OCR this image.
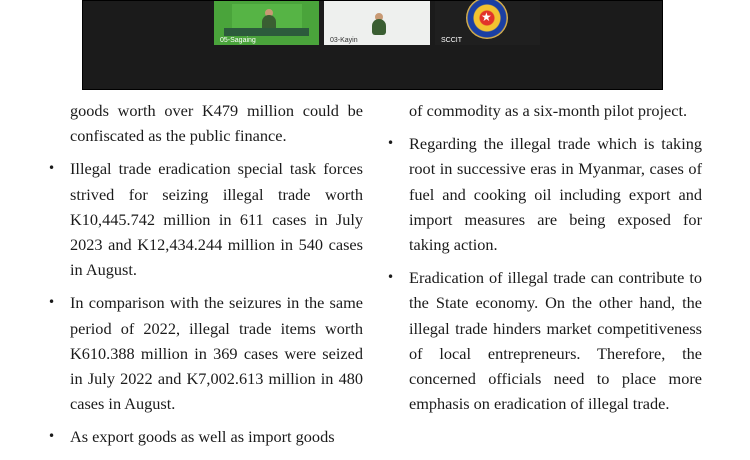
05-Sagaing	03-Kayin	SCCIT
★
goods worth over K479 million could be confiscated as the public finance.
• Illegal trade eradication special task forces strived for seizing illegal trade worth K10,445.742 million in 611 cases in July 2023 and K12,434.244 million in 540 cases in August.
• In comparison with the seizures in the same period of 2022, illegal trade items worth K610.388 million in 369 cases were seized in July 2022 and K7,002.613 million in 480 cases in August.
• As export goods as well as import goods
of commodity as a six-month pilot project.
• Regarding the illegal trade which is taking root in successive eras in Myanmar, cases of fuel and cooking oil including export and import measures are being exposed for taking action.
• Eradication of illegal trade can contribute to the State economy. On the other hand, the illegal trade hinders market competitiveness of local entrepreneurs. Therefore, the concerned officials need to place more emphasis on eradication of illegal trade.
